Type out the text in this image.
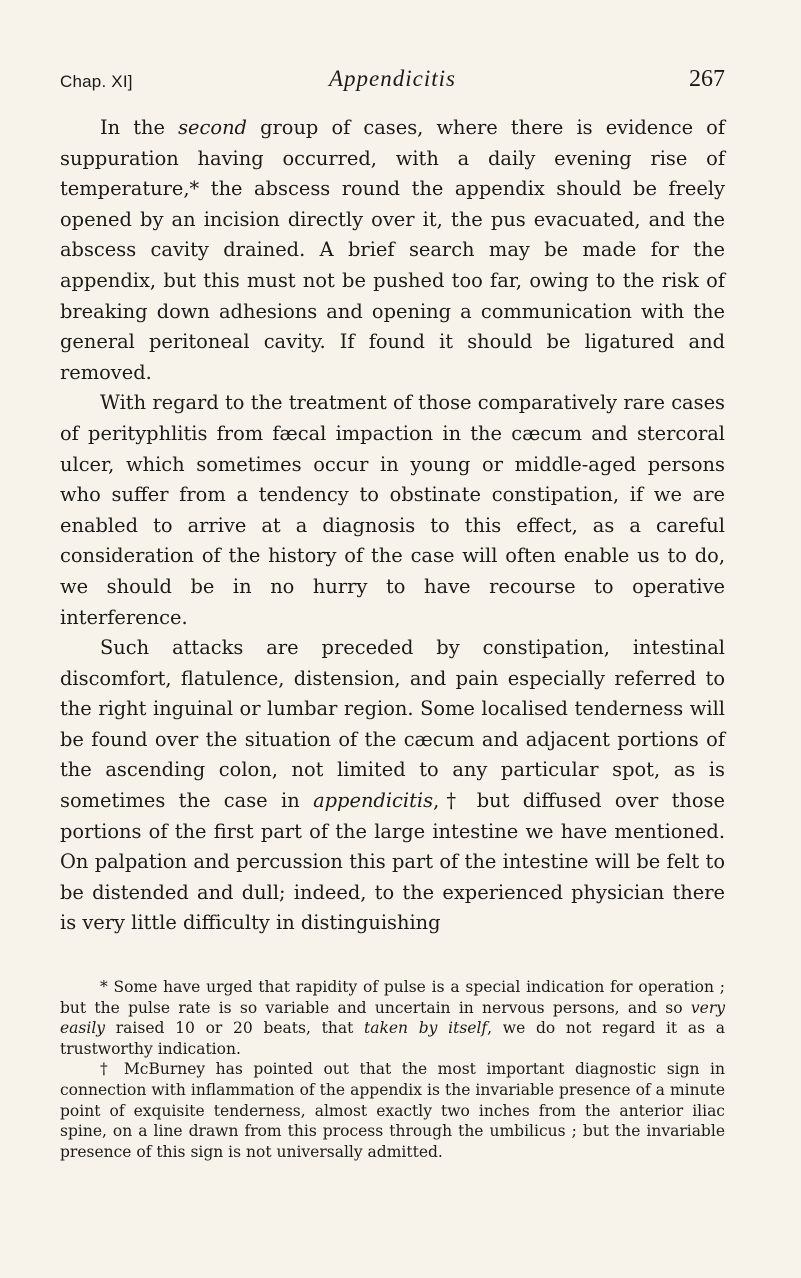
Chap. XI]	Appendicitis	267

In the second group of cases, where there is evidence of suppuration having occurred, with a daily evening rise of temperature,* the abscess round the appendix should be freely opened by an incision directly over it, the pus evacuated, and the abscess cavity drained. A brief search may be made for the appendix, but this must not be pushed too far, owing to the risk of breaking down adhesions and opening a communication with the general peritoneal cavity. If found it should be ligatured and removed.

With regard to the treatment of those comparatively rare cases of perityphlitis from fæcal impaction in the cæcum and stercoral ulcer, which sometimes occur in young or middle-aged persons who suffer from a tendency to obstinate constipation, if we are enabled to arrive at a diagnosis to this effect, as a careful consideration of the history of the case will often enable us to do, we should be in no hurry to have recourse to operative interference.

Such attacks are preceded by constipation, intestinal discomfort, flatulence, distension, and pain especially referred to the right inguinal or lumbar region. Some localised tenderness will be found over the situation of the cæcum and adjacent portions of the ascending colon, not limited to any particular spot, as is sometimes the case in appendicitis,† but diffused over those portions of the first part of the large intestine we have mentioned. On palpation and percussion this part of the intestine will be felt to be distended and dull; indeed, to the experienced physician there is very little difficulty in distinguishing

* Some have urged that rapidity of pulse is a special indication for operation ; but the pulse rate is so variable and uncertain in nervous persons, and so very easily raised 10 or 20 beats, that taken by itself, we do not regard it as a trustworthy indication.

† McBurney has pointed out that the most important diagnostic sign in connection with inflammation of the appendix is the invariable presence of a minute point of exquisite tenderness, almost exactly two inches from the anterior iliac spine, on a line drawn from this process through the umbilicus ; but the invariable presence of this sign is not universally admitted.
